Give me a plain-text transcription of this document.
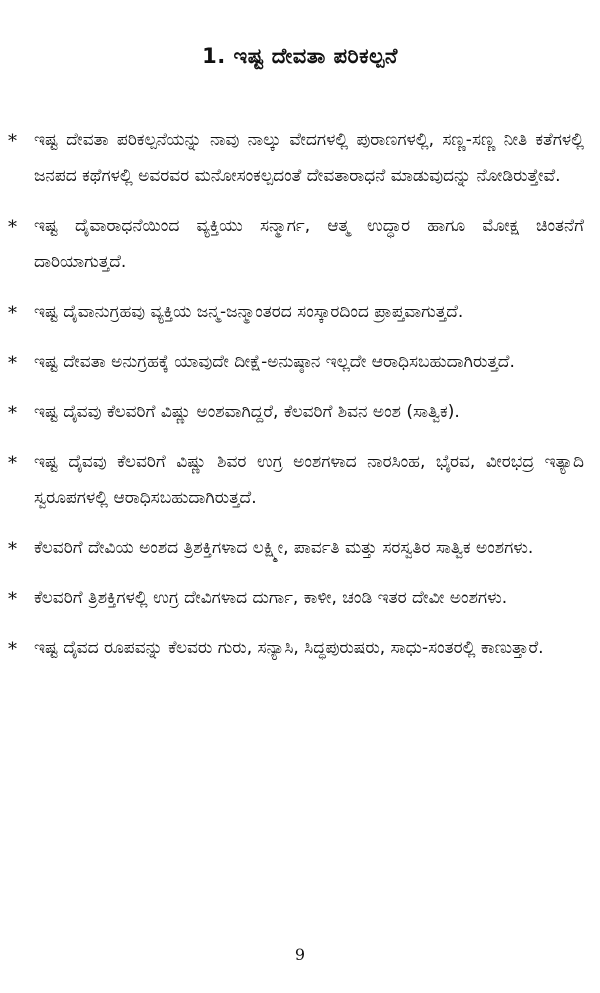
1. ಇಷ್ಟ ದೇವತಾ ಪರಿಕಲ್ಪನೆ
* ಇಷ್ಟ ದೇವತಾ ಪರಿಕಲ್ಪನೆಯನ್ನು ನಾವು ನಾಲ್ಕು ವೇದಗಳಲ್ಲಿ ಪುರಾಣಗಳಲ್ಲಿ, ಸಣ್ಣ-ಸಣ್ಣ ನೀತಿ ಕತೆಗಳಲ್ಲಿ ಜನಪದ ಕಥೆಗಳಲ್ಲಿ ಅವರವರ ಮನೋಸಂಕಲ್ಪದಂತೆ ದೇವತಾರಾಧನೆ ಮಾಡುವುದನ್ನು ನೋಡಿರುತ್ತೇವೆ.
* ಇಷ್ಟ ದೈವಾರಾಧನೆಯಿಂದ ವ್ಯಕ್ತಿಯು ಸನ್ಮಾರ್ಗ, ಆತ್ಮ ಉದ್ಧಾರ ಹಾಗೂ ಮೋಕ್ಷ ಚಿಂತನೆಗೆ ದಾರಿಯಾಗುತ್ತದೆ.
* ಇಷ್ಟ ದೈವಾನುಗ್ರಹವು ವ್ಯಕ್ತಿಯ ಜನ್ಮ-ಜನ್ಮಾಂತರದ ಸಂಸ್ಕಾರದಿಂದ ಪ್ರಾಪ್ತವಾಗುತ್ತದೆ.
* ಇಷ್ಟ ದೇವತಾ ಅನುಗ್ರಹಕ್ಕೆ ಯಾವುದೇ ದೀಕ್ಷೆ-ಅನುಷ್ಠಾನ ಇಲ್ಲದೇ ಆರಾಧಿಸಬಹುದಾಗಿರುತ್ತದೆ.
* ಇಷ್ಟ ದೈವವು ಕೆಲವರಿಗೆ ವಿಷ್ಣು ಅಂಶವಾಗಿದ್ದರೆ, ಕೆಲವರಿಗೆ ಶಿವನ ಅಂಶ (ಸಾತ್ವಿಕ).
* ಇಷ್ಟ ದೈವವು ಕೆಲವರಿಗೆ ವಿಷ್ಣು ಶಿವರ ಉಗ್ರ ಅಂಶಗಳಾದ ನಾರಸಿಂಹ, ಭೈರವ, ವೀರಭದ್ರ ಇತ್ಯಾದಿ ಸ್ವರೂಪಗಳಲ್ಲಿ ಆರಾಧಿಸಬಹುದಾಗಿರುತ್ತದೆ.
* ಕೆಲವರಿಗೆ ದೇವಿಯ ಅಂಶದ ತ್ರಿಶಕ್ತಿಗಳಾದ ಲಕ್ಷ್ಮೀ, ಪಾರ್ವತಿ ಮತ್ತು ಸರಸ್ವತಿರ ಸಾತ್ವಿಕ ಅಂಶಗಳು.
* ಕೆಲವರಿಗೆ ತ್ರಿಶಕ್ತಿಗಳಲ್ಲಿ ಉಗ್ರ ದೇವಿಗಳಾದ ದುರ್ಗಾ, ಕಾಳೀ, ಚಂಡಿ ಇತರ ದೇವೀ ಅಂಶಗಳು.
* ಇಷ್ಟ ದೈವದ ರೂಪವನ್ನು ಕೆಲವರು ಗುರು, ಸನ್ಯಾಸಿ, ಸಿದ್ಧಪುರುಷರು, ಸಾಧು-ಸಂತರಲ್ಲಿ ಕಾಣುತ್ತಾರೆ.
9
